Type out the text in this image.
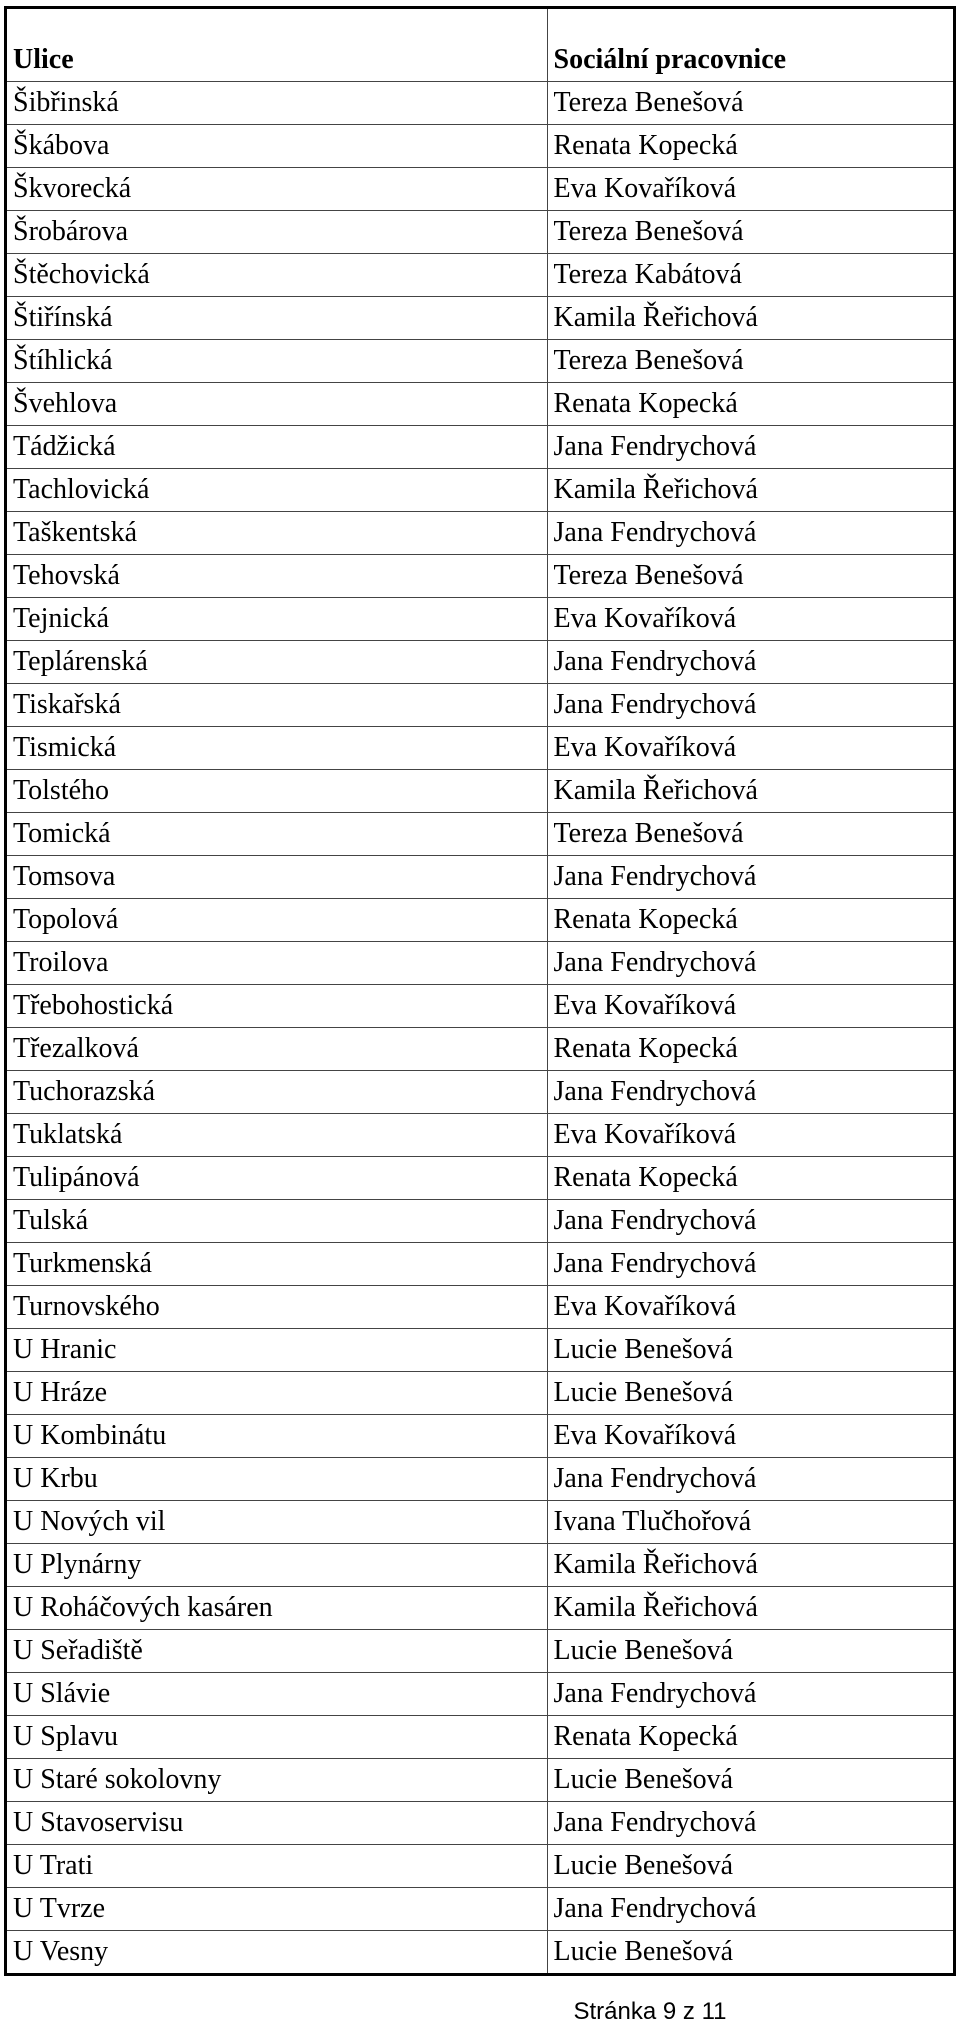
Ulice	Sociální pracovnice
Šibřinská	Tereza Benešová
Škábova	Renata Kopecká
Škvorecká	Eva Kovaříková
Šrobárova	Tereza Benešová
Štěchovická	Tereza Kabátová
Štiřínská	Kamila Řeřichová
Štíhlická	Tereza Benešová
Švehlova	Renata Kopecká
Tádžická	Jana Fendrychová
Tachlovická	Kamila Řeřichová
Taškentská	Jana Fendrychová
Tehovská	Tereza Benešová
Tejnická	Eva Kovaříková
Teplárenská	Jana Fendrychová
Tiskařská	Jana Fendrychová
Tismická	Eva Kovaříková
Tolstého	Kamila Řeřichová
Tomická	Tereza Benešová
Tomsova	Jana Fendrychová
Topolová	Renata Kopecká
Troilova	Jana Fendrychová
Třebohostická	Eva Kovaříková
Třezalková	Renata Kopecká
Tuchorazská	Jana Fendrychová
Tuklatská	Eva Kovaříková
Tulipánová	Renata Kopecká
Tulská	Jana Fendrychová
Turkmenská	Jana Fendrychová
Turnovského	Eva Kovaříková
U Hranic	Lucie Benešová
U Hráze	Lucie Benešová
U Kombinátu	Eva Kovaříková
U Krbu	Jana Fendrychová
U Nových vil	Ivana Tlučhořová
U Plynárny	Kamila Řeřichová
U Roháčových kasáren	Kamila Řeřichová
U Seřadiště	Lucie Benešová
U Slávie	Jana Fendrychová
U Splavu	Renata Kopecká
U Staré sokolovny	Lucie Benešová
U Stavoservisu	Jana Fendrychová
U Trati	Lucie Benešová
U Tvrze	Jana Fendrychová
U Vesny	Lucie Benešová
Stránka 9 z 11
